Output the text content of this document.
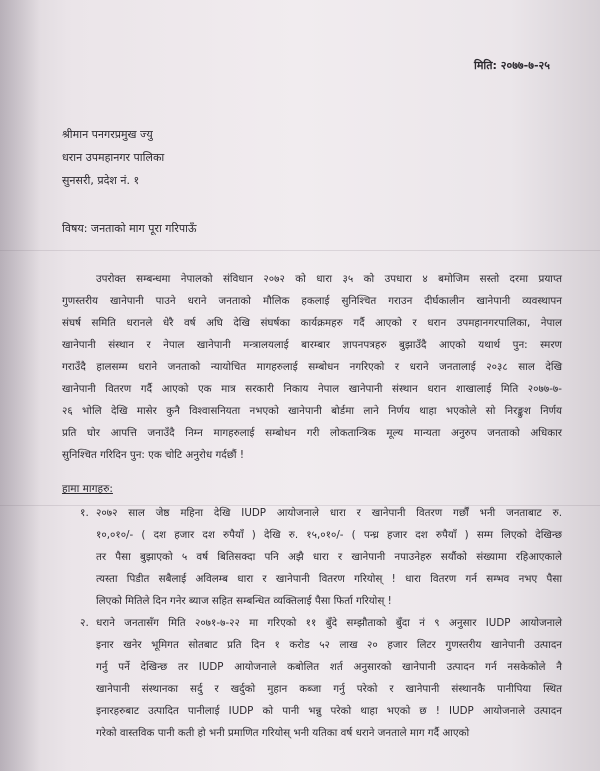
मिति: २०७७-७-२५
श्रीमान पनगरप्रमुख ज्यु
धरान उपमहानगर पालिका
सुनसरी, प्रदेश नं. १
विषय: जनताको माग पूरा गरिपाऊँ
उपरोक्त सम्बन्धमा नेपालको संविधान २०७२ को धारा ३५ को उपधारा ४ बमोजिम सस्तो दरमा प्रयाप्त
गुणस्तरीय खानेपानी पाउने धराने जनताको मौलिक हकलाई सुनिश्चित गराउन दीर्घकालीन खानेपानी व्यवस्थापन
संघर्ष समिति धरानले धेरै वर्ष अघि देखि संघर्षका कार्यक्रमहरु गर्दै आएको र धरान उपमहानगरपालिका, नेपाल
खानेपानी संस्थान र नेपाल खानेपानी मन्त्रालयलाई बारम्बार ज्ञापनपत्रहरु बुझाउँदै आएको यथार्थ पुन: स्मरण
गराउँदै हालसम्म धराने जनताको न्यायोचित मागहरुलाई सम्बोधन नगरिएको र धराने जनतालाई २०३८ साल देखि
खानेपानी वितरण गर्दै आएको एक मात्र सरकारी निकाय नेपाल खानेपानी संस्थान धरान शाखालाई मिति २०७७-७-
२६ भोलि देखि मासेर कुनै विश्वासनियता नभएको खानेपानी बोर्डमा लाने निर्णय थाहा भएकोले सो निरङ्कुश निर्णय
प्रति घोर आपत्ति जनाउँदै निम्न मागहरुलाई सम्बोधन गरी लोकतान्त्रिक मूल्य मान्यता अनुरुप जनताको अधिकार
सुनिश्चित गरिदिन पुन: एक चोटि अनुरोध गर्दछौं !
हामा मागहरु:
१. २०७२ साल जेष्ठ महिना देखि IUDP आयोजनाले धारा र खानेपानी वितरण गर्छौं भनी जनताबाट रु.
१०,०१०/- ( दश हजार दश रुपैयाँ ) देखि रु. १५,०१०/- ( पन्ध्र हजार दश रुपैयाँ ) सम्म लिएको देखिन्छ
तर पैसा बुझाएको ५ वर्ष बितिसक्दा पनि अझै धारा र खानेपानी नपाउनेहरु सयौंको संख्यामा रहिआएकाले
त्यस्ता पिडीत सबैलाई अविलम्ब धारा र खानेपानी वितरण गरियोस् ! धारा वितरण गर्न सम्भव नभए पैसा
लिएको मितिले दिन गनेर ब्याज सहित सम्बन्धित व्यक्तिलाई पैसा फिर्ता गरियोस् !
२. धराने जनतासँग मिति २०७१-७-२२ मा गरिएको ११ बुँदे सम्झौताको बुँदा नं ९ अनुसार IUDP आयोजनाले
इनार खनेर भूमिगत सोतबाट प्रति दिन १ करोड ५२ लाख २० हजार लिटर गुणस्तरीय खानेपानी उत्पादन
गर्नु पर्ने देखिन्छ तर IUDP आयोजनाले कबोलित शर्त अनुसारको खानेपानी उत्पादन गर्न नसकेकोले नै
खानेपानी संस्थानका सर्दु र खर्दुको मुहान कब्जा गर्नु परेको र खानेपानी संस्थानकै पानीपिया स्थित
इनारहरुबाट उत्पादित पानीलाई IUDP को पानी भन्नु परेको थाहा भएको छ ! IUDP आयोजनाले उत्पादन
गरेको वास्तविक पानी कती हो भनी प्रमाणित गरियोस् भनी यतिका वर्ष धराने जनताले माग गर्दै आएको
